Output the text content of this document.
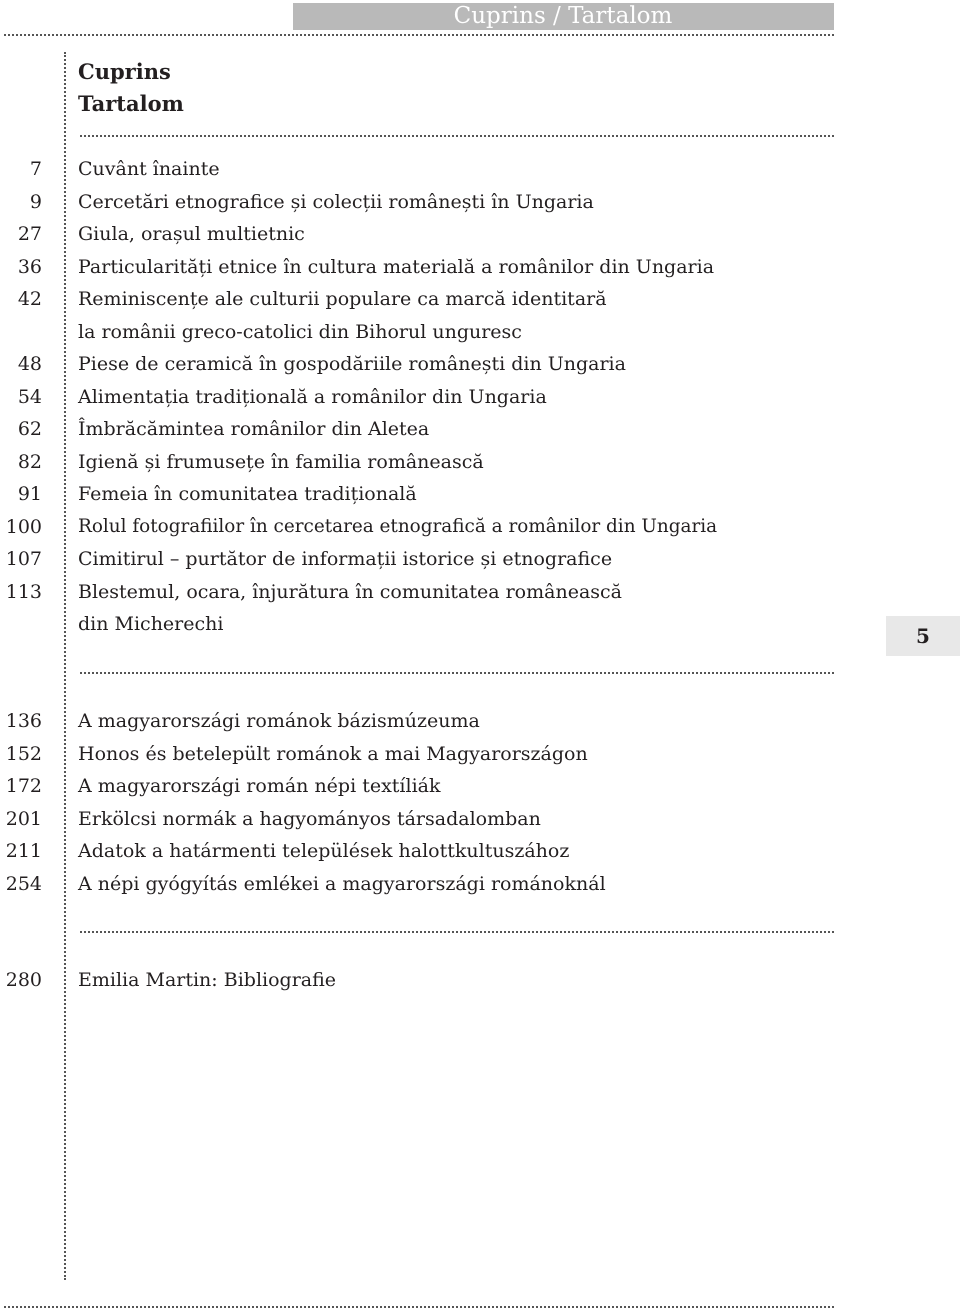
Cuprins / Tartalom
Cuprins
Tartalom
7 Cuvânt înainte
9 Cercetări etnografice și colecții românești în Ungaria
27 Giula, orașul multietnic
36 Particularități etnice în cultura materială a românilor din Ungaria
42 Reminiscențe ale culturii populare ca marcă identitară
la românii greco-catolici din Bihorul unguresc
48 Piese de ceramică în gospodăriile românești din Ungaria
54 Alimentația tradițională a românilor din Ungaria
62 Îmbrăcămintea românilor din Aletea
82 Igienă și frumusețe în familia românească
91 Femeia în comunitatea tradițională
100 Rolul fotografiilor în cercetarea etnografică a românilor din Ungaria
107 Cimitirul – purtător de informații istorice și etnografice
113 Blestemul, ocara, înjurătura în comunitatea românească
din Micherechi	5
136 A magyarországi románok bázismúzeuma
152 Honos és betelepült románok a mai Magyarországon
172 A magyarországi román népi textíliák
201 Erkölcsi normák a hagyományos társadalomban
211 Adatok a határmenti települések halottkultuszához
254 A népi gyógyítás emlékei a magyarországi románoknál
280 Emilia Martin: Bibliografie
